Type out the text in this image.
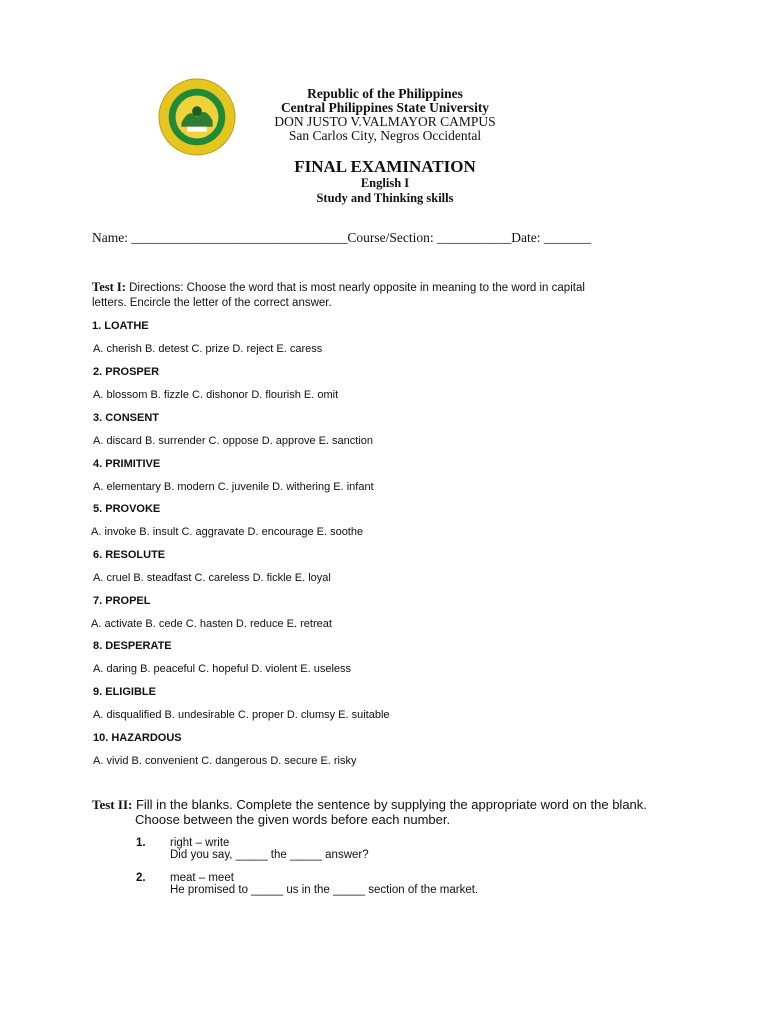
Republic of the Philippines
Central Philippines State University
DON JUSTO V.VALMAYOR CAMPUS
San Carlos City, Negros Occidental
FINAL EXAMINATION
English I
Study and Thinking skills
Name: ________________________________Course/Section: ___________Date: _______
Test I: Directions: Choose the word that is most nearly opposite in meaning to the word in capital
letters. Encircle the letter of the correct answer.
1. LOATHE
A. cherish B. detest C. prize D. reject E. caress
2. PROSPER
A. blossom B. fizzle C. dishonor D. flourish E. omit
3. CONSENT
A. discard B. surrender C. oppose D. approve E. sanction
4. PRIMITIVE
A. elementary B. modern C. juvenile D. withering E. infant
5. PROVOKE
A. invoke B. insult C. aggravate D. encourage E. soothe
6. RESOLUTE
A. cruel B. steadfast C. careless D. fickle E. loyal
7. PROPEL
A. activate B. cede C. hasten D. reduce E. retreat
8. DESPERATE
A. daring B. peaceful C. hopeful D. violent E. useless
9. ELIGIBLE
A. disqualified B. undesirable C. proper D. clumsy E. suitable
10. HAZARDOUS
A. vivid B. convenient C. dangerous D. secure E. risky
Test II: Fill in the blanks. Complete the sentence by supplying the appropriate word on the blank.
Choose between the given words before each number.
1. right – write
Did you say, _____ the _____ answer?
2. meat – meet
He promised to _____ us in the _____ section of the market.
